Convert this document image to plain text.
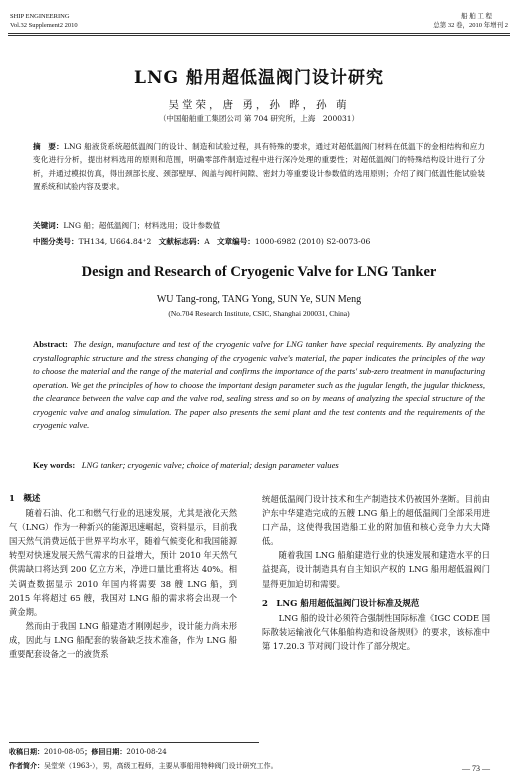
SHIP ENGINEERING
Vol.32 Supplement2 2010
船 舶 工 程
总第 32 卷，2010 年增刊 2
LNG 船用超低温阀门设计研究
吴堂荣，唐 勇，孙 晔，孙 萌
（中国船舶重工集团公司 第 704 研究所，上海　200031）
摘　要：LNG 船液货系统超低温阀门的设计、制造和试验过程，具有特殊的要求，通过对超低温阀门材料在低温下的金相结构和应力变化进行分析，提出材料选用的原则和范围，明确零部件制造过程中进行深冷处理的重要性；对超低温阀门的特殊结构设计进行了分析，并通过模拟仿真，得出颈部长度、颈部壁厚、阀盖与阀杆间隙、密封力等重要设计参数值的选用原则；介绍了阀门低温性能试验装置系统和试验内容及要求。
关键词：LNG 船；超低温阀门；材料选用；设计参数值
中图分类号：TH134, U664.84⁺2 文献标志码：A 文章编号：1000-6982 (2010) S2-0073-06
Design and Research of Cryogenic Valve for LNG Tanker
WU Tang-rong, TANG Yong, SUN Ye, SUN Meng
(No.704 Research Institute, CSIC, Shanghai 200031, China)
Abstract: The design, manufacture and test of the cryogenic valve for LNG tanker have special requirements. By analyzing the crystallographic structure and the stress changing of the cryogenic valve's material, the paper indicates the principles of the way to choose the material and the range of the material and confirms the importance of the parts' sub-zero treatment in manufacturing operation. We get the principles of how to choose the important design parameter such as the jugular length, the jugular thickness, the clearance between the valve cap and the valve rod, sealing stress and so on by means of analyzing the special structure of the cryogenic valve and analog simulation. The paper also presents the semi plant and the test contents and the requirements of the cryogenic valve.
Key words: LNG tanker; cryogenic valve; choice of material; design parameter values
1　概述
随着石油、化工和燃气行业的迅速发展，尤其是液化天然气（LNG）作为一种新兴的能源迅速崛起，资料显示，目前我国天然气消费远低于世界平均水平，随着气候变化和我国能源转型对快速发展天然气需求的日益增大，预计 2010 年天然气供需缺口将达到 200 亿立方米，净进口量比重将达 40%。相关调查数据显示 2010 年国内将需要 38 艘 LNG 船，到 2015 年将超过 65 艘，我国对 LNG 船的需求将会出现一个黄金期。
然而由于我国 LNG 船建造才刚刚起步，设计能力尚未形成，因此与 LNG 船配套的装备缺乏技术准备，作为 LNG 船重要配套设备之一的液货系
统超低温阀门设计技术和生产制造技术仍被国外垄断。目前由沪东中华建造完成的五艘 LNG 船上的超低温阀门全部采用进口产品，这使得我国造船工业的附加值和核心竞争力大大降低。
随着我国 LNG 船舶建造行业的快速发展和建造水平的日益提高，设计制造具有自主知识产权的 LNG 船用超低温阀门显得更加迫切和需要。
2　LNG 船用超低温阀门设计标准及规范
LNG 船的设计必须符合强制性国际标准《IGC CODE 国际散装运输液化气体船舶构造和设备规则》的要求，该标准中第 17.20.3 节对阀门设计作了部分规定。
收稿日期：2010-08-05；修回日期：2010-08-24
作者简介：吴堂荣（1963-），男，高级工程师，主要从事船用特种阀门设计研究工作。	— 73 —
